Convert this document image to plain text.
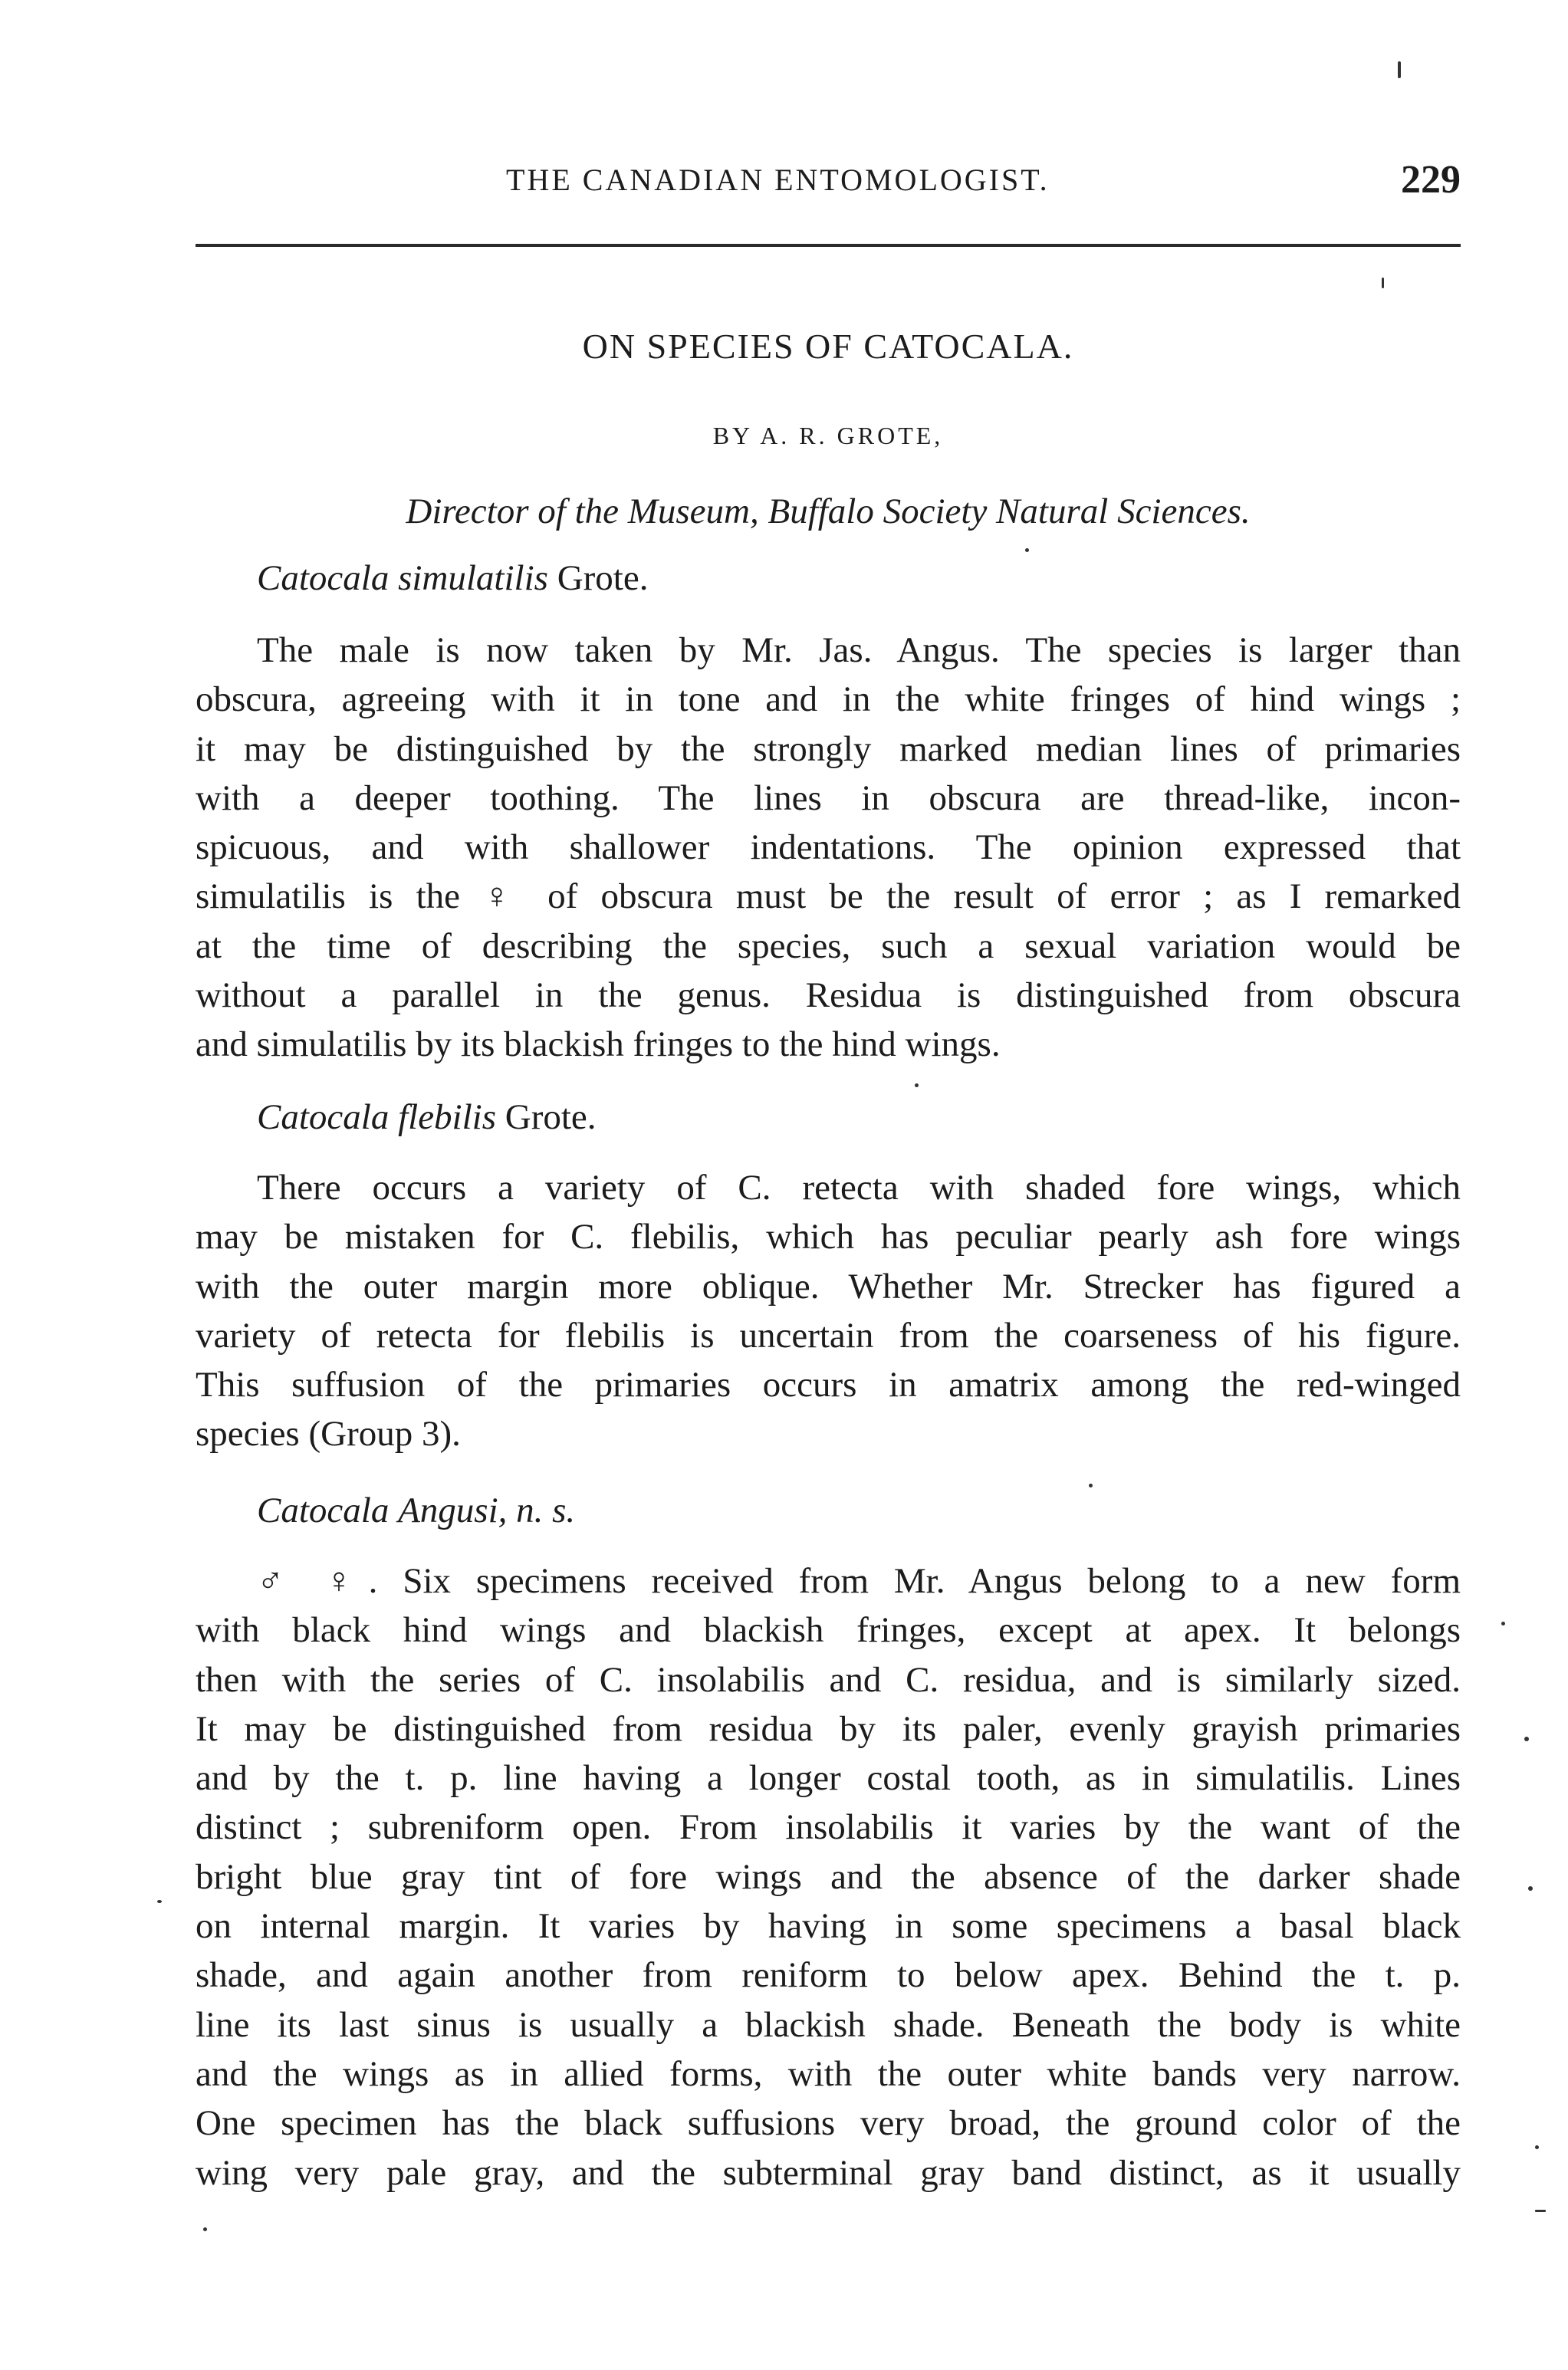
THE CANADIAN ENTOMOLOGIST.	229
ON SPECIES OF CATOCALA.
BY A. R. GROTE,
Director of the Museum, Buffalo Society Natural Sciences.
Catocala simulatilis Grote.
The male is now taken by Mr. Jas. Angus. The species is larger than
obscura, agreeing with it in tone and in the white fringes of hind wings ;
it may be distinguished by the strongly marked median lines of primaries
with a deeper toothing. The lines in obscura are thread-like, incon-
spicuous, and with shallower indentations. The opinion expressed that
simulatilis is the ♀ of obscura must be the result of error ; as I remarked
at the time of describing the species, such a sexual variation would be
without a parallel in the genus. Residua is distinguished from obscura
and simulatilis by its blackish fringes to the hind wings.
Catocala flebilis Grote.
There occurs a variety of C. retecta with shaded fore wings, which
may be mistaken for C. flebilis, which has peculiar pearly ash fore wings
with the outer margin more oblique. Whether Mr. Strecker has figured a
variety of retecta for flebilis is uncertain from the coarseness of his figure.
This suffusion of the primaries occurs in amatrix among the red-winged
species (Group 3).
Catocala Angusi, n. s.
♂ ♀. Six specimens received from Mr. Angus belong to a new form
with black hind wings and blackish fringes, except at apex. It belongs
then with the series of C. insolabilis and C. residua, and is similarly sized.
It may be distinguished from residua by its paler, evenly grayish primaries
and by the t. p. line having a longer costal tooth, as in simulatilis. Lines
distinct ; subreniform open. From insolabilis it varies by the want of the
bright blue gray tint of fore wings and the absence of the darker shade
on internal margin. It varies by having in some specimens a basal black
shade, and again another from reniform to below apex. Behind the t. p.
line its last sinus is usually a blackish shade. Beneath the body is white
and the wings as in allied forms, with the outer white bands very narrow.
One specimen has the black suffusions very broad, the ground color of the
wing very pale gray, and the subterminal gray band distinct, as it usually
